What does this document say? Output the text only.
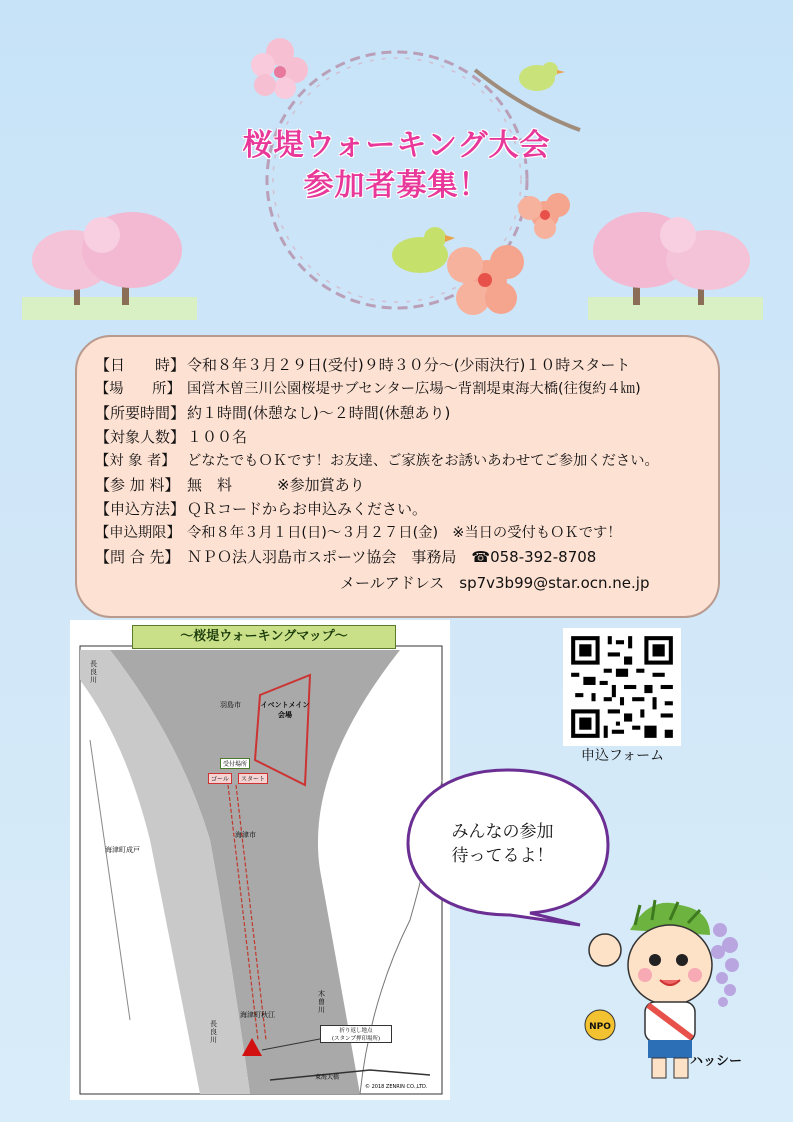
桜堤ウォーキング大会
参加者募集！
【日　　時】 令和８年３月２９日(受付)９時３０分～(少雨決行)１０時スタート
【場　　所】 国営木曽三川公園桜堤サブセンター広場～背割堤東海大橋(往復約４㎞)
【所要時間】 約１時間(休憩なし)～２時間(休憩あり)
【対象人数】 １００名
【対 象 者】 どなたでもＯＫです！お友達、ご家族をお誘いあわせてご参加ください。
【参 加 料】 無　料　　　※参加賞あり
【申込方法】 ＱＲコードからお申込みください。
【申込期限】 令和８年３月１日(日)～３月２７日(金)　※当日の受付もＯＫです！
【問 合 先】 ＮＰＯ法人羽島市スポーツ協会　事務局　☎058-392-8708
メールアドレス　sp7v3b99@star.ocn.ne.jp
～桜堤ウォーキングマップ～
イベントメイン会場
受付場所
ゴール	スタート
折り返し地点
(スタンプ押印場所)
長良川
長良川
木曽川
海津市
羽島市
海津町秋江
海津町成戸
東海大橋
© 2018 ZENRIN CO.,LTD.
申込フォーム
みんなの参加
待ってるよ！
NPO
ハッシー
